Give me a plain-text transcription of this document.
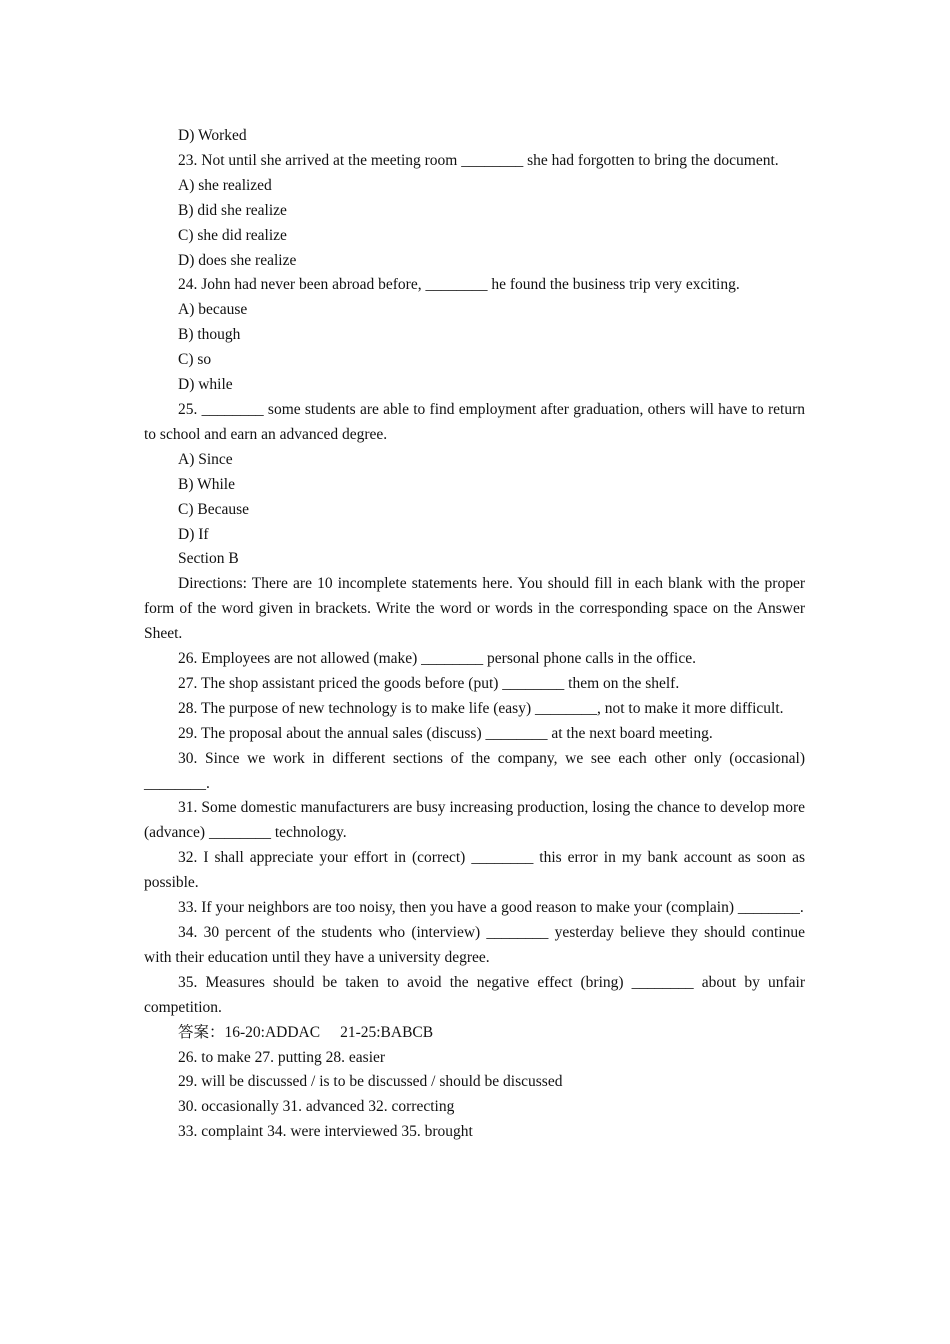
D) Worked

23. Not until she arrived at the meeting room ________ she had forgotten to bring the document.

A) she realized

B) did she realize

C) she did realize

D) does she realize

24. John had never been abroad before, ________ he found the business trip very exciting.

A) because

B) though

C) so

D) while

25. ________ some students are able to find employment after graduation, others will have to return to school and earn an advanced degree.

A) Since

B) While

C) Because

D) If

Section B

Directions: There are 10 incomplete statements here. You should fill in each blank with the proper form of the word given in brackets. Write the word or words in the corresponding space on the Answer Sheet.

26. Employees are not allowed (make) ________ personal phone calls in the office.

27. The shop assistant priced the goods before (put) ________ them on the shelf.

28. The purpose of new technology is to make life (easy) ________, not to make it more difficult.

29. The proposal about the annual sales (discuss) ________ at the next board meeting.

30. Since we work in different sections of the company, we see each other only (occasional) ________.

31. Some domestic manufacturers are busy increasing production, losing the chance to develop more (advance) ________ technology.

32. I shall appreciate your effort in (correct) ________ this error in my bank account as soon as possible.

33. If your neighbors are too noisy, then you have a good reason to make your (complain) ________.

34. 30 percent of the students who (interview) ________ yesterday believe they should continue with their education until they have a university degree.

35. Measures should be taken to avoid the negative effect (bring) ________ about by unfair competition.

答案：16-20:ADDAC 21-25:BABCB

26. to make 27. putting 28. easier

29. will be discussed / is to be discussed / should be discussed

30. occasionally 31. advanced 32. correcting

33. complaint 34. were interviewed 35. brought
